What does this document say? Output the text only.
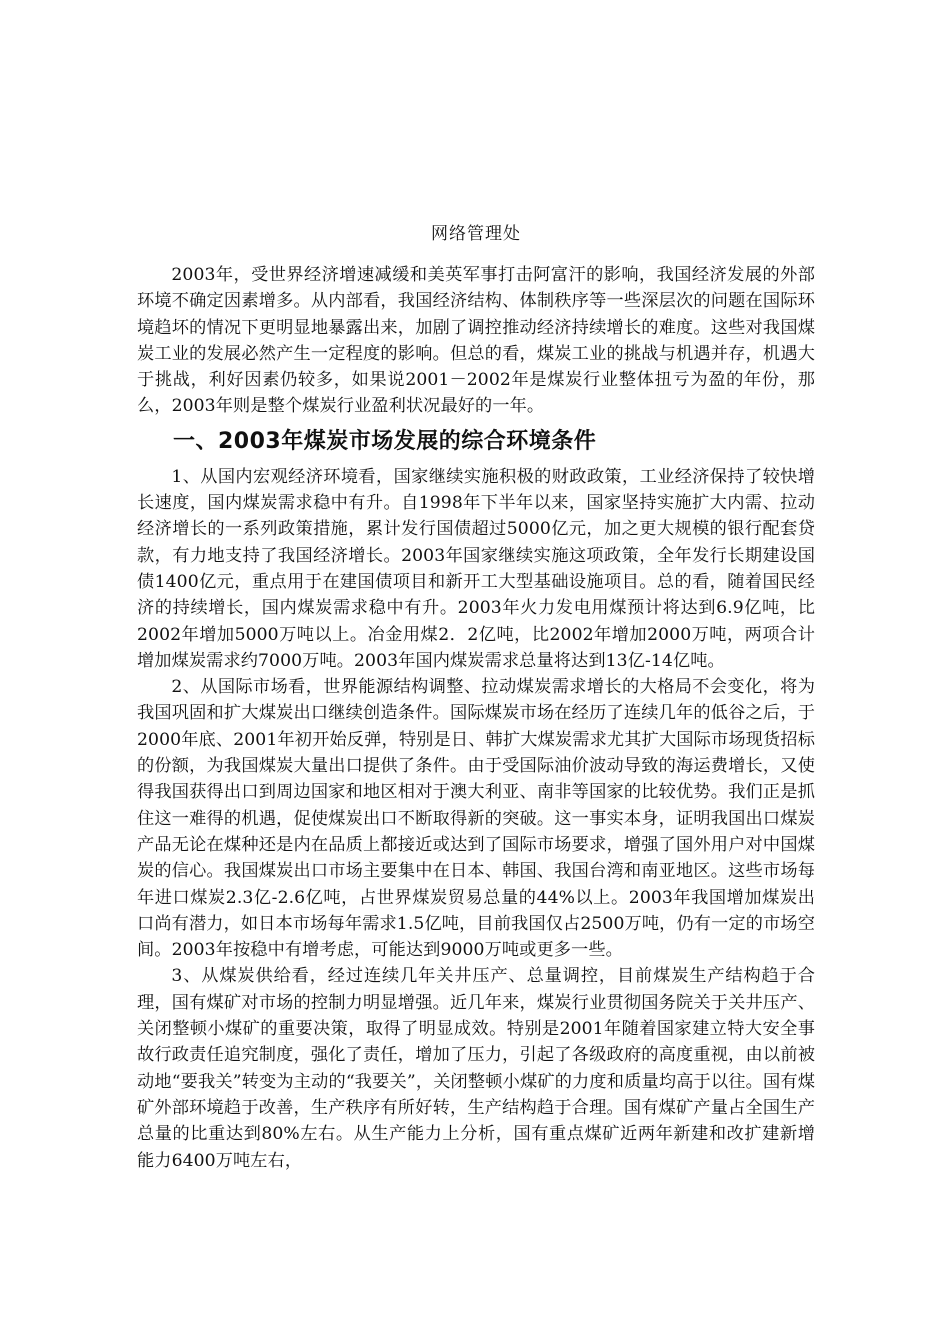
网络管理处

2003年，受世界经济增速减缓和美英军事打击阿富汗的影响，我国经济发展的外部环境不确定因素增多。从内部看，我国经济结构、体制秩序等一些深层次的问题在国际环境趋坏的情况下更明显地暴露出来，加剧了调控推动经济持续增长的难度。这些对我国煤炭工业的发展必然产生一定程度的影响。但总的看，煤炭工业的挑战与机遇并存，机遇大于挑战，利好因素仍较多，如果说2001－2002年是煤炭行业整体扭亏为盈的年份，那么，2003年则是整个煤炭行业盈利状况最好的一年。

一、2003年煤炭市场发展的综合环境条件

1、从国内宏观经济环境看，国家继续实施积极的财政政策，工业经济保持了较快增长速度，国内煤炭需求稳中有升。自1998年下半年以来，国家坚持实施扩大内需、拉动经济增长的一系列政策措施，累计发行国债超过5000亿元，加之更大规模的银行配套贷款，有力地支持了我国经济增长。2003年国家继续实施这项政策，全年发行长期建设国债1400亿元，重点用于在建国债项目和新开工大型基础设施项目。总的看，随着国民经济的持续增长，国内煤炭需求稳中有升。2003年火力发电用煤预计将达到6.9亿吨，比2002年增加5000万吨以上。冶金用煤2．2亿吨，比2002年增加2000万吨，两项合计增加煤炭需求约7000万吨。2003年国内煤炭需求总量将达到13亿-14亿吨。

2、从国际市场看，世界能源结构调整、拉动煤炭需求增长的大格局不会变化，将为我国巩固和扩大煤炭出口继续创造条件。国际煤炭市场在经历了连续几年的低谷之后，于2000年底、2001年初开始反弹，特别是日、韩扩大煤炭需求尤其扩大国际市场现货招标的份额，为我国煤炭大量出口提供了条件。由于受国际油价波动导致的海运费增长，又使得我国获得出口到周边国家和地区相对于澳大利亚、南非等国家的比较优势。我们正是抓住这一难得的机遇，促使煤炭出口不断取得新的突破。这一事实本身，证明我国出口煤炭产品无论在煤种还是内在品质上都接近或达到了国际市场要求，增强了国外用户对中国煤炭的信心。我国煤炭出口市场主要集中在日本、韩国、我国台湾和南亚地区。这些市场每年进口煤炭2.3亿-2.6亿吨，占世界煤炭贸易总量的44%以上。2003年我国增加煤炭出口尚有潜力，如日本市场每年需求1.5亿吨，目前我国仅占2500万吨，仍有一定的市场空间。2003年按稳中有增考虑，可能达到9000万吨或更多一些。

3、从煤炭供给看，经过连续几年关井压产、总量调控，目前煤炭生产结构趋于合理，国有煤矿对市场的控制力明显增强。近几年来，煤炭行业贯彻国务院关于关井压产、关闭整顿小煤矿的重要决策，取得了明显成效。特别是2001年随着国家建立特大安全事故行政责任追究制度，强化了责任，增加了压力，引起了各级政府的高度重视，由以前被动地“要我关”转变为主动的“我要关”，关闭整顿小煤矿的力度和质量均高于以往。国有煤矿外部环境趋于改善，生产秩序有所好转，生产结构趋于合理。国有煤矿产量占全国生产总量的比重达到80%左右。从生产能力上分析，国有重点煤矿近两年新建和改扩建新增能力6400万吨左右，
